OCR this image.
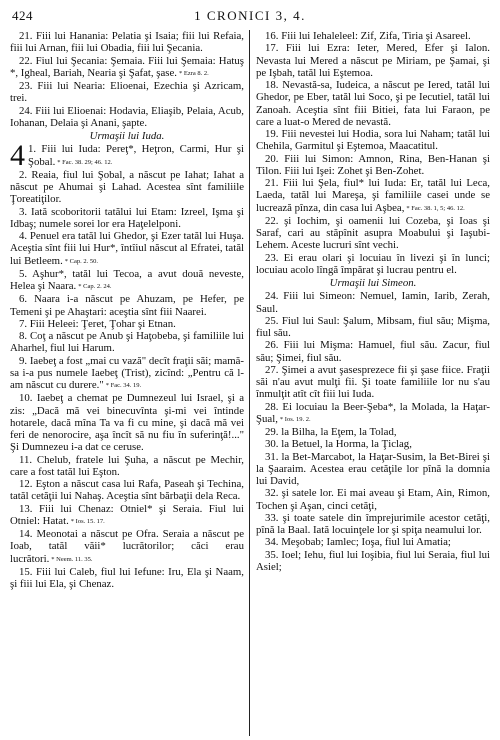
424	1 CRONICI 3, 4.

21. Fiii lui Hanania: Pelatia şi Isaia; fiii lui Refaia, fiii lui Arnan, fiii lui Obadia, fiii lui Şecania.

22. Fiul lui Şecania: Şemaia. Fiii lui Şemaia: Hatuş *, Igheal, Bariah, Nearia şi Şafat, şase. * Ezra 8. 2.

23. Fiii lui Nearia: Elioenai, Ezechia şi Azricam, trei.

24. Fiii lui Elioenai: Hodavia, Eliaşib, Pelaia, Acub, Iohanan, Delaia şi Anani, şapte.

Urmaşii lui Iuda.

4 1. Fiii lui Iuda: Pereţ*, Heţron, Carmi, Hur şi Şobal. * Fac. 38. 29; 46. 12.

2. Reaia, fiul lui Şobal, a născut pe Iahat; Iahat a născut pe Ahumai şi Lahad. Acestea sînt familiile Ţoreatiţilor.

3. Iată scoboritorii tatălui lui Etam: Izreel, Işma şi Idbaş; numele sorei lor era Haţelelponi.

4. Penuel era tatăl lui Ghedor, şi Ezer tatăl lui Huşa. Aceştia sînt fiii lui Hur*, întîiul născut al Efratei, tatăl lui Betleem. * Cap. 2. 50.

5. Aşhur*, tatăl lui Tecoa, a avut două neveste, Helea şi Naara. * Cap. 2. 24.

6. Naara i-a născut pe Ahuzam, pe Hefer, pe Temeni şi pe Ahaştari: aceştia sînt fiii Naarei.

7. Fiii Heleei: Ţeret, Ţohar şi Etnan.

8. Coţ a născut pe Anub şi Haţobeba, şi familiile lui Aharhel, fiul lui Harum.

9. Iaebeţ a fost „mai cu vază" decît fraţii săi; mamă-sa i-a pus numele Iaebeţ (Trist), zicînd: „Pentru că l-am născut cu durere." * Fac. 34. 19.

10. Iaebeţ a chemat pe Dumnezeul lui Israel, şi a zis: „Dacă mă vei binecuvînta şi-mi vei întinde hotarele, dacă mîna Ta va fi cu mine, şi dacă mă vei feri de nenorocire, aşa încît să nu fiu în suferinţă!..." Şi Dumnezeu i-a dat ce ceruse.

11. Chelub, fratele lui Şuha, a născut pe Mechir, care a fost tatăl lui Eşton.

12. Eşton a născut casa lui Rafa, Paseah şi Techina, tatăl cetăţii lui Nahaş. Aceştia sînt bărbaţii dela Reca.

13. Fiii lui Chenaz: Otniel* şi Seraia. Fiul lui Otniel: Hatat. * Ios. 15. 17.

14. Meonotai a născut pe Ofra. Seraia a născut pe Ioab, tatăl văii* lucrătorilor; căci erau lucrători. * Neem. 11. 35.

15. Fiii lui Caleb, fiul lui Iefune: Iru, Ela şi Naam, şi fiii lui Ela, şi Chenaz.

16. Fiii lui Iehaleleel: Zif, Zifa, Tiria şi Asareel.

17. Fiii lui Ezra: Ieter, Mered, Efer şi Ialon. Nevasta lui Mered a născut pe Miriam, pe Şamai, şi pe Işbah, tatăl lui Eştemoa.

18. Nevastă-sa, Iudeica, a născut pe Iered, tatăl lui Ghedor, pe Eber, tatăl lui Soco, şi pe Iecutiel, tatăl lui Zanoah. Aceştia sînt fiii Bitiei, fata lui Faraon, pe care a luat-o Mered de nevastă.

19. Fiii nevestei lui Hodia, sora lui Naham; tatăl lui Chehila, Garmitul şi Eştemoa, Maacatitul.

20. Fiii lui Simon: Amnon, Rina, Ben-Hanan şi Tilon. Fiii lui Işei: Zohet şi Ben-Zohet.

21. Fiii lui Şela, fiul* lui Iuda: Er, tatăl lui Leca, Laeda, tatăl lui Mareşa, şi familiile casei unde se lucrează pînza, din casa lui Aşbea, * Fac. 38. 1, 5; 46. 12.

22. şi Iochim, şi oamenii lui Cozeba, şi Ioas şi Saraf, cari au stăpînit asupra Moabului şi Iaşubi-Lehem. Aceste lucruri sînt vechi.

23. Ei erau olari şi locuiau în livezi şi în lunci; locuiau acolo lîngă împărat şi lucrau pentru el.

Urmaşii lui Simeon.

24. Fiii lui Simeon: Nemuel, Iamin, Iarib, Zerah, Saul.

25. Fiul lui Saul: Şalum, Mibsam, fiul său; Mişma, fiul său.

26. Fiii lui Mişma: Hamuel, fiul său. Zacur, fiul său; Şimei, fiul său.

27. Şimei a avut şasesprezece fii şi şase fiice. Fraţii săi n'au avut mulţi fii. Şi toate familiile lor nu s'au înmulţit atît cît fiii lui Iuda.

28. Ei locuiau la Beer-Şeba*, la Molada, la Haţar-Şual, * Ios. 19. 2.

29. la Bilha, la Eţem, la Tolad,

30. la Betuel, la Horma, la Ţiclag,

31. la Bet-Marcabot, la Haţar-Susim, la Bet-Birei şi la Şaaraim. Acestea erau cetăţile lor pînă la domnia lui David,

32. şi satele lor. Ei mai aveau şi Etam, Ain, Rimon, Tochen şi Aşan, cinci cetăţi,

33. şi toate satele din împrejurimile acestor cetăţi, pînă la Baal. Iată locuinţele lor şi spiţa neamului lor.

34. Meşobab; Iamlec; Ioşa, fiul lui Amatia;

35. Ioel; Iehu, fiul lui Ioşibia, fiul lui Seraia, fiul lui Asiel;
